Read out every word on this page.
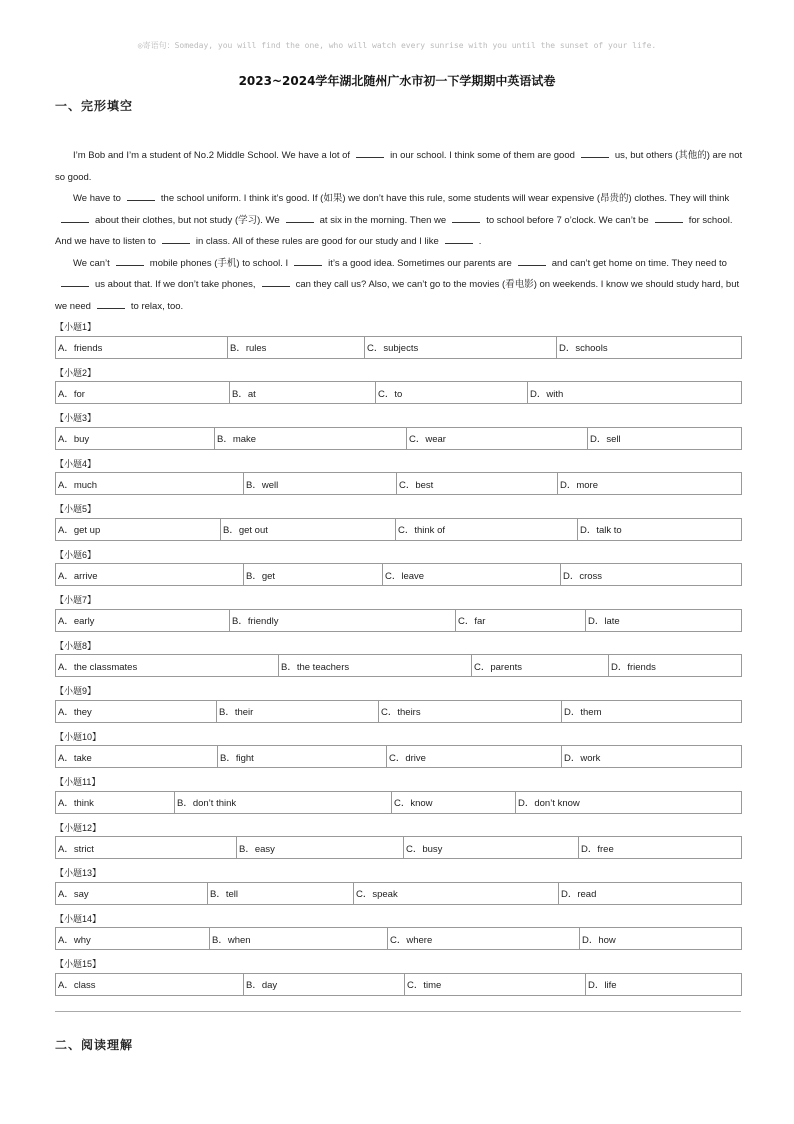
◎寄语句：Someday, you will find the one, who will watch every sunrise with you until the sunset of your life.
2023~2024学年湖北随州广水市初一下学期期中英语试卷
一、完形填空

I’m Bob and I’m a student of No.2 Middle School. We have a lot of	in our school. I think some of them are good	us, but others (其他的) are not so good.

We have to	the school uniform. I think it’s good. If (如果) we don’t have this rule, some students will wear expensive (昂贵的) clothes. They will thinkabout their clothes, but not study (学习). We	at six in the morning. Then we	to school before 7 o’clock. We can’t be	for school. And we have to listen to	in class. All of these rules are good for our study and I like	.

We can’t	mobile phones (手机) to school. I	it’s a good idea. Sometimes our parents are	and can’t get home on time. They need tous about that. If we don’t take phones,	can they call us? Also, we can’t go to the movies (看电影) on weekends. I know we should study hard, but we need	to relax, too.

【小题1】
A．friends	B．rules	C．subjects	D．schools
【小题2】
A．for	B．at	C．to	D．with
【小题3】
A．buy	B．make	C．wear	D．sell
【小题4】
A．much	B．well	C．best	D．more
【小题5】
A．get up	B．get out	C．think of	D．talk to
【小题6】
A．arrive	B．get	C．leave	D．cross
【小题7】
A．early	B．friendly	C．far	D．late
【小题8】
A．the classmates	B．the teachers	C．parents	D．friends
【小题9】
A．they	B．their	C．theirs	D．them
【小题10】
A．take	B．fight	C．drive	D．work
【小题11】
A．think	B．don’t think	C．know	D．don’t know
【小题12】
A．strict	B．easy	C．busy	D．free
【小题13】
A．say	B．tell	C．speak	D．read
【小题14】
A．why	B．when	C．where	D．how
【小题15】
A．class	B．day	C．time	D．life
二、阅读理解
